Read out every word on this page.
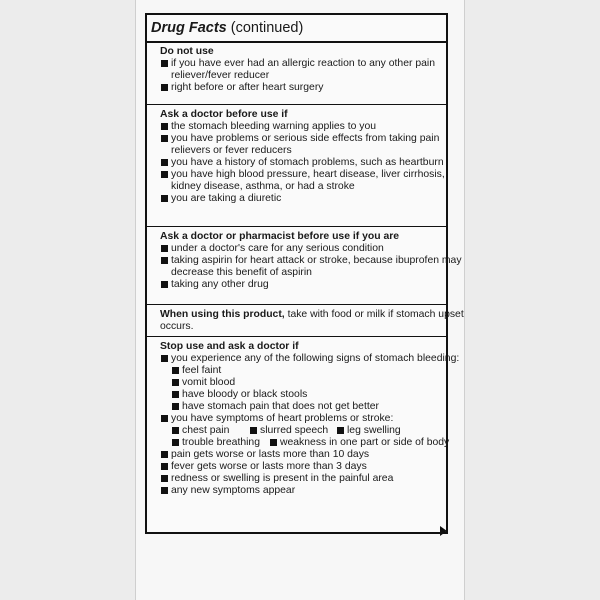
Drug Facts (continued)
Do not use
if you have ever had an allergic reaction to any other pain
reliever/fever reducer
right before or after heart surgery
Ask a doctor before use if
the stomach bleeding warning applies to you
you have problems or serious side effects from taking pain
relievers or fever reducers
you have a history of stomach problems, such as heartburn
you have high blood pressure, heart disease, liver cirrhosis,
kidney disease, asthma, or had a stroke
you are taking a diuretic
Ask a doctor or pharmacist before use if you are
under a doctor's care for any serious condition
taking aspirin for heart attack or stroke, because ibuprofen may
decrease this benefit of aspirin
taking any other drug
When using this product, take with food or milk if stomach upset
occurs.
Stop use and ask a doctor if
you experience any of the following signs of stomach bleeding:
feel faint
vomit blood
have bloody or black stools
have stomach pain that does not get better
you have symptoms of heart problems or stroke:
chest pain	slurred speech leg swelling
trouble breathing weakness in one part or side of body
pain gets worse or lasts more than 10 days
fever gets worse or lasts more than 3 days
redness or swelling is present in the painful area
any new symptoms appear
